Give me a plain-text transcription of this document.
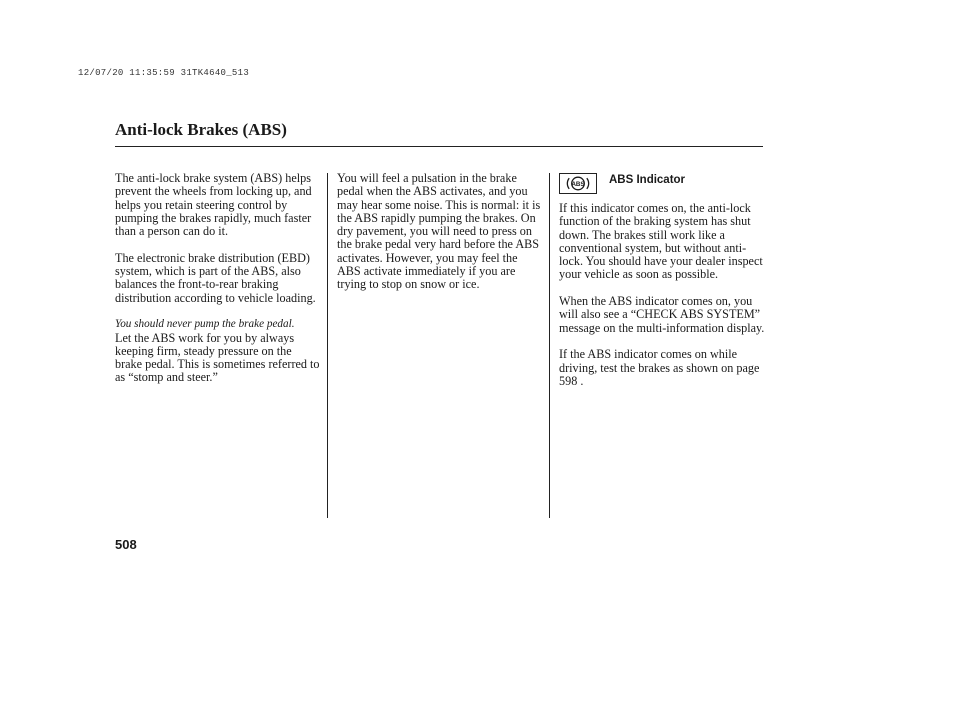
12/07/20 11:35:59 31TK4640_513
Anti-lock Brakes (ABS)

The anti-lock brake system (ABS) helps prevent the wheels from locking up, and helps you retain steering control by pumping the brakes rapidly, much faster than a person can do it.

The electronic brake distribution (EBD) system, which is part of the ABS, also balances the front-to-rear braking distribution according to vehicle loading.

You should never pump the brake pedal.
Let the ABS work for you by always keeping firm, steady pressure on the brake pedal. This is sometimes referred to as “stomp and steer.”

You will feel a pulsation in the brake pedal when the ABS activates, and you may hear some noise. This is normal: it is the ABS rapidly pumping the brakes. On dry pavement, you will need to press on the brake pedal very hard before the ABS activates. However, you may feel the ABS activate immediately if you are trying to stop on snow or ice.

ABS ABS Indicator

If this indicator comes on, the anti-lock function of the braking system has shut down. The brakes still work like a conventional system, but without anti-lock. You should have your dealer inspect your vehicle as soon as possible.

When the ABS indicator comes on, you will also see a “CHECK ABS SYSTEM” message on the multi-information display.

If the ABS indicator comes on while driving, test the brakes as shown on page 598 .

508
